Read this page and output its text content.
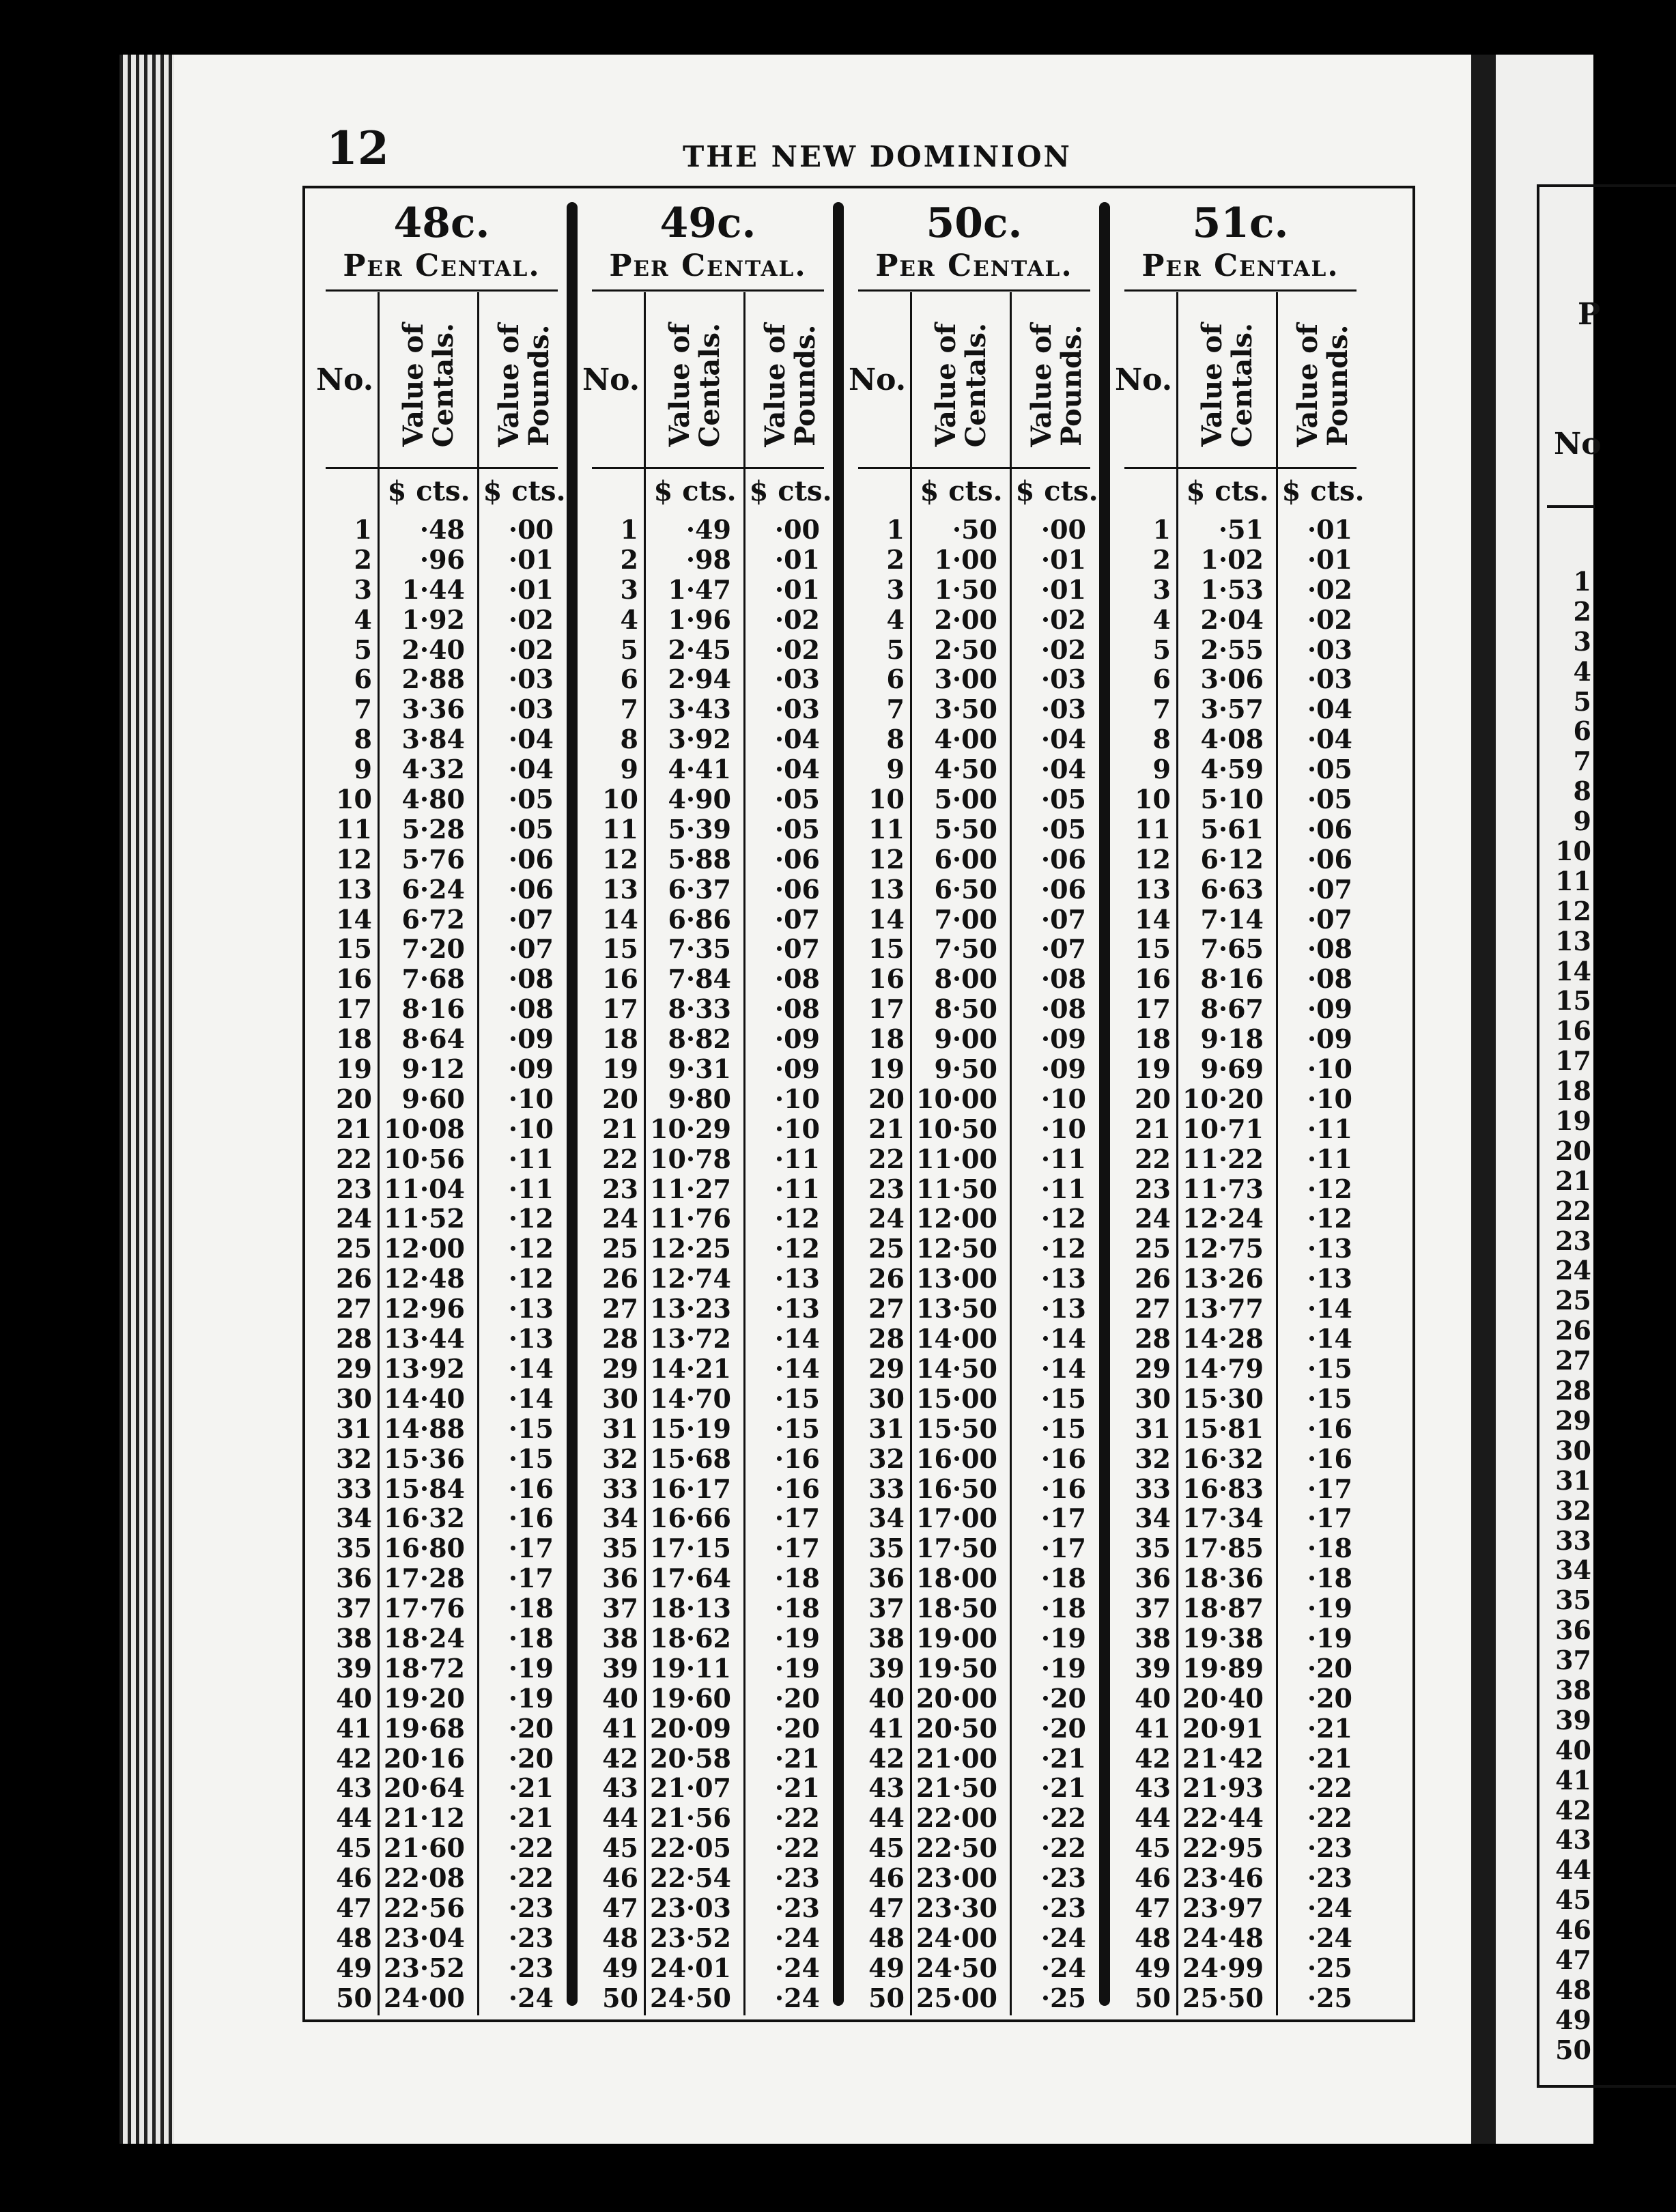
P
No
1
2
3
4
5
6
7
8
9
10
11
12
13
14
15
16
17
18
19
20
21
22
23
24
25
26
27
28
29
30
31
32
33
34
35
36
37
38
39
40
41
42
43
44
45
46
47
48
49
50
12	THE NEW DOMINION
48c.
Per Cental.
No. Value of
Centals. Value of
Pounds.
$ cts. $ cts.
1
2
3
4
5
6
7
8
9
10
11
12
13
14
15
16
17
18
19
20
21
22
23
24
25
26
27
28
29
30
31
32
33
34
35
36
37
38
39
40
41
42
43
44
45
46
47
48
49
50
·48
·96
1·44
1·92
2·40
2·88
3·36
3·84
4·32
4·80
5·28
5·76
6·24
6·72
7·20
7·68
8·16
8·64
9·12
9·60
10·08
10·56
11·04
11·52
12·00
12·48
12·96
13·44
13·92
14·40
14·88
15·36
15·84
16·32
16·80
17·28
17·76
18·24
18·72
19·20
19·68
20·16
20·64
21·12
21·60
22·08
22·56
23·04
23·52
24·00
·00
·01
·01
·02
·02
·03
·03
·04
·04
·05
·05
·06
·06
·07
·07
·08
·08
·09
·09
·10
·10
·11
·11
·12
·12
·12
·13
·13
·14
·14
·15
·15
·16
·16
·17
·17
·18
·18
·19
·19
·20
·20
·21
·21
·22
·22
·23
·23
·23
·24
49c.
Per Cental.
No. Value of
Centals. Value of
Pounds.
$ cts. $ cts.
1
2
3
4
5
6
7
8
9
10
11
12
13
14
15
16
17
18
19
20
21
22
23
24
25
26
27
28
29
30
31
32
33
34
35
36
37
38
39
40
41
42
43
44
45
46
47
48
49
50
·49
·98
1·47
1·96
2·45
2·94
3·43
3·92
4·41
4·90
5·39
5·88
6·37
6·86
7·35
7·84
8·33
8·82
9·31
9·80
10·29
10·78
11·27
11·76
12·25
12·74
13·23
13·72
14·21
14·70
15·19
15·68
16·17
16·66
17·15
17·64
18·13
18·62
19·11
19·60
20·09
20·58
21·07
21·56
22·05
22·54
23·03
23·52
24·01
24·50
·00
·01
·01
·02
·02
·03
·03
·04
·04
·05
·05
·06
·06
·07
·07
·08
·08
·09
·09
·10
·10
·11
·11
·12
·12
·13
·13
·14
·14
·15
·15
·16
·16
·17
·17
·18
·18
·19
·19
·20
·20
·21
·21
·22
·22
·23
·23
·24
·24
·24
50c.
Per Cental.
No. Value of
Centals. Value of
Pounds.
$ cts. $ cts.
1
2
3
4
5
6
7
8
9
10
11
12
13
14
15
16
17
18
19
20
21
22
23
24
25
26
27
28
29
30
31
32
33
34
35
36
37
38
39
40
41
42
43
44
45
46
47
48
49
50
·50
1·00
1·50
2·00
2·50
3·00
3·50
4·00
4·50
5·00
5·50
6·00
6·50
7·00
7·50
8·00
8·50
9·00
9·50
10·00
10·50
11·00
11·50
12·00
12·50
13·00
13·50
14·00
14·50
15·00
15·50
16·00
16·50
17·00
17·50
18·00
18·50
19·00
19·50
20·00
20·50
21·00
21·50
22·00
22·50
23·00
23·30
24·00
24·50
25·00
·00
·01
·01
·02
·02
·03
·03
·04
·04
·05
·05
·06
·06
·07
·07
·08
·08
·09
·09
·10
·10
·11
·11
·12
·12
·13
·13
·14
·14
·15
·15
·16
·16
·17
·17
·18
·18
·19
·19
·20
·20
·21
·21
·22
·22
·23
·23
·24
·24
·25
51c.
Per Cental.
No. Value of
Centals. Value of
Pounds.
$ cts. $ cts.
1
2
3
4
5
6
7
8
9
10
11
12
13
14
15
16
17
18
19
20
21
22
23
24
25
26
27
28
29
30
31
32
33
34
35
36
37
38
39
40
41
42
43
44
45
46
47
48
49
50
·51
1·02
1·53
2·04
2·55
3·06
3·57
4·08
4·59
5·10
5·61
6·12
6·63
7·14
7·65
8·16
8·67
9·18
9·69
10·20
10·71
11·22
11·73
12·24
12·75
13·26
13·77
14·28
14·79
15·30
15·81
16·32
16·83
17·34
17·85
18·36
18·87
19·38
19·89
20·40
20·91
21·42
21·93
22·44
22·95
23·46
23·97
24·48
24·99
25·50
·01
·01
·02
·02
·03
·03
·04
·04
·05
·05
·06
·06
·07
·07
·08
·08
·09
·09
·10
·10
·11
·11
·12
·12
·13
·13
·14
·14
·15
·15
·16
·16
·17
·17
·18
·18
·19
·19
·20
·20
·21
·21
·22
·22
·23
·23
·24
·24
·25
·25
